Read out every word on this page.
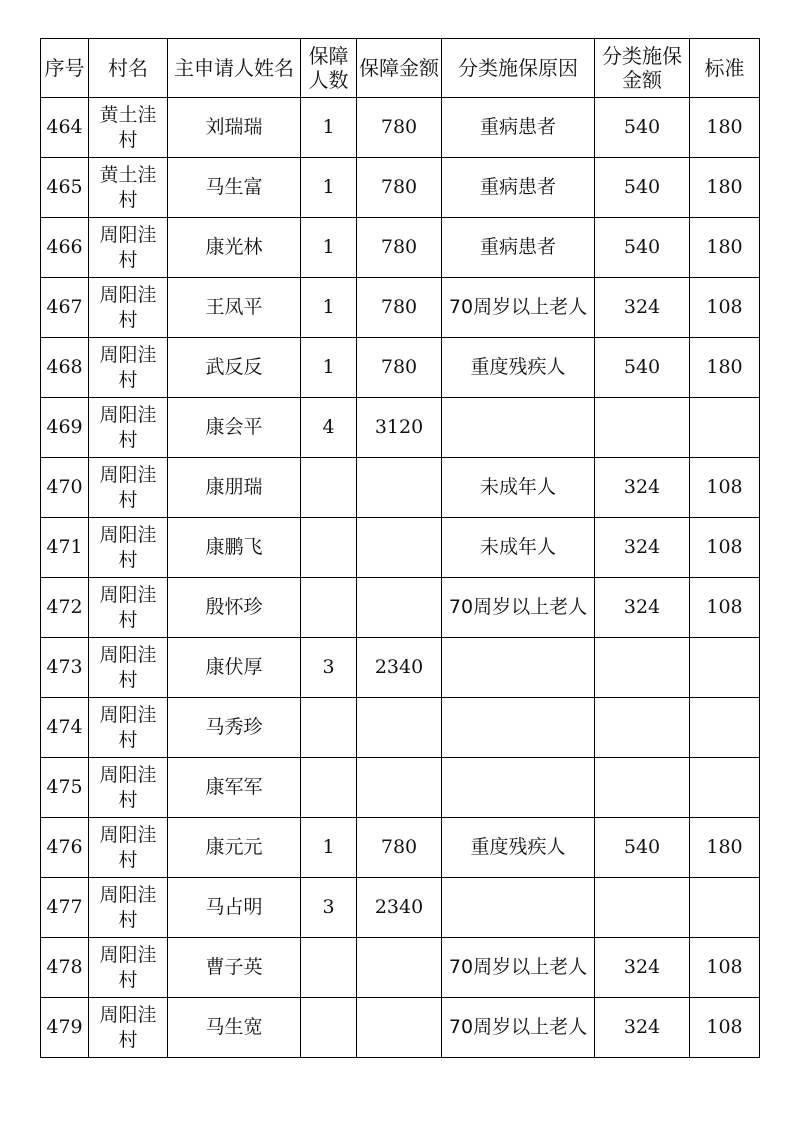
序号	村名	主申请人姓名	保障人数	保障金额	分类施保原因	分类施保金额	标准
464	黄土洼村	刘瑞瑞	1	780	重病患者	540	180
465	黄土洼村	马生富	1	780	重病患者	540	180
466	周阳洼村	康光林	1	780	重病患者	540	180
467	周阳洼村	王凤平	1	780	70周岁以上老人	324	108
468	周阳洼村	武反反	1	780	重度残疾人	540	180
469	周阳洼村	康会平	4	3120			
470	周阳洼村	康朋瑞			未成年人	324	108
471	周阳洼村	康鹏飞			未成年人	324	108
472	周阳洼村	殷怀珍			70周岁以上老人	324	108
473	周阳洼村	康伏厚	3	2340			
474	周阳洼村	马秀珍					
475	周阳洼村	康军军					
476	周阳洼村	康元元	1	780	重度残疾人	540	180
477	周阳洼村	马占明	3	2340			
478	周阳洼村	曹子英			70周岁以上老人	324	108
479	周阳洼村	马生宽			70周岁以上老人	324	108
